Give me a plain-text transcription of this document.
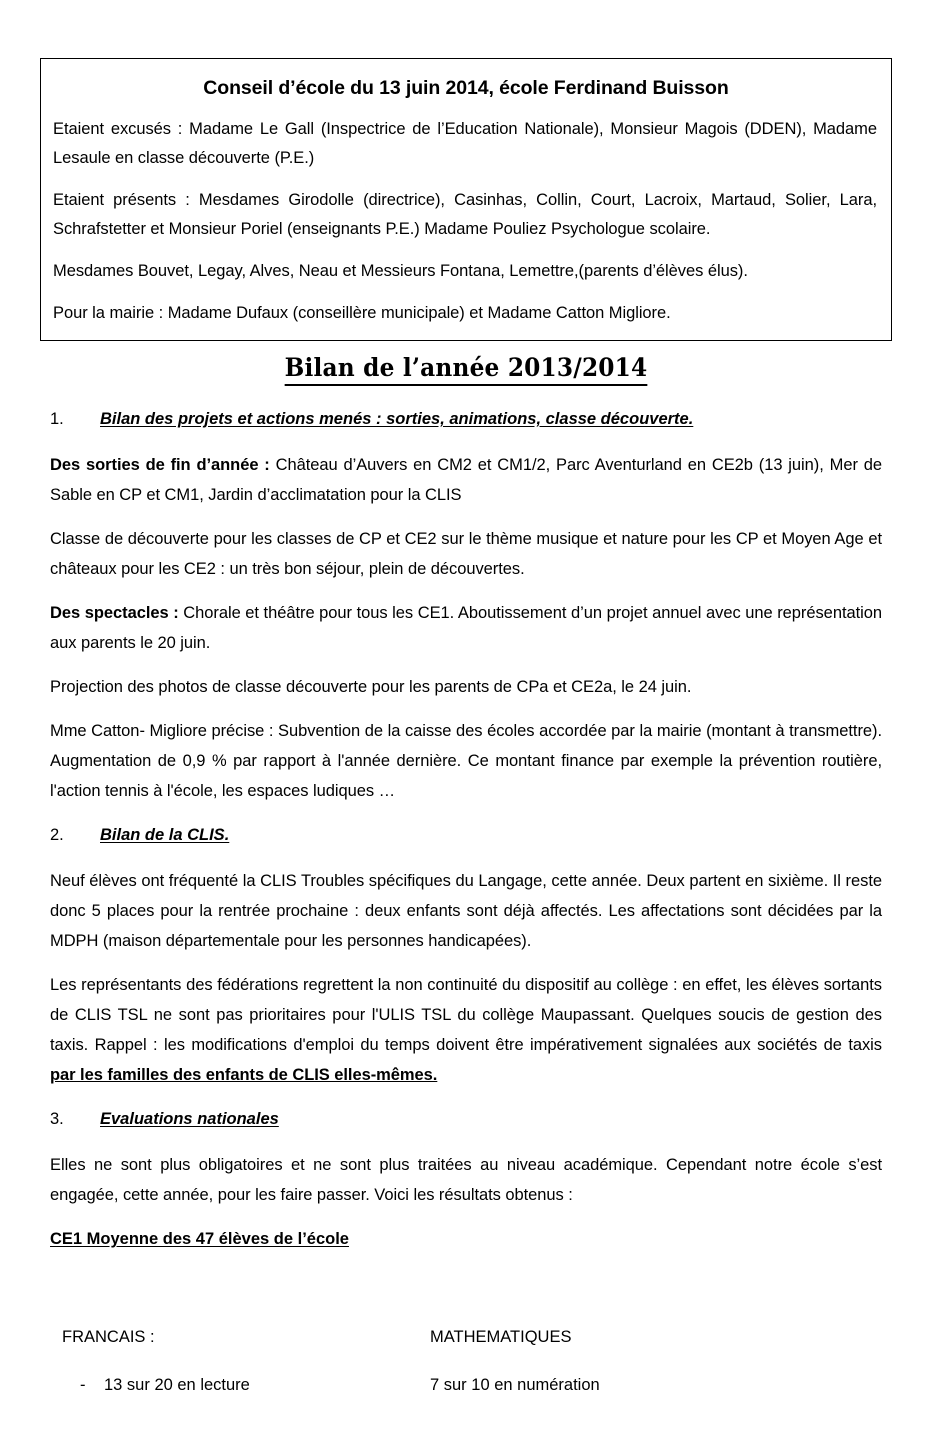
Conseil d’école du 13 juin 2014, école Ferdinand Buisson

Etaient excusés : Madame Le Gall (Inspectrice de l’Education Nationale), Monsieur Magois (DDEN), Madame Lesaule en classe découverte (P.E.)

Etaient présents : Mesdames Girodolle (directrice), Casinhas, Collin, Court, Lacroix, Martaud, Solier, Lara, Schrafstetter et Monsieur Poriel (enseignants P.E.) Madame Pouliez Psychologue scolaire.

Mesdames Bouvet, Legay, Alves, Neau et Messieurs Fontana, Lemettre,(parents d’élèves élus).

Pour la mairie : Madame Dufaux (conseillère municipale) et Madame Catton Migliore.

Bilan de l’année 2013/2014
1.	Bilan des projets et actions menés : sorties, animations, classe découverte.

Des sorties de fin d’année : Château d’Auvers en CM2 et CM1/2, Parc Aventurland en CE2b (13 juin), Mer de Sable en CP et CM1, Jardin d’acclimatation pour la CLIS

Classe de découverte pour les classes de CP et CE2 sur le thème musique et nature pour les CP et Moyen Age et châteaux pour les CE2 : un très bon séjour, plein de découvertes.

Des spectacles : Chorale et théâtre pour tous les CE1. Aboutissement d’un projet annuel avec une représentation aux parents le 20 juin.

Projection des photos de classe découverte pour les parents de CPa et CE2a, le 24 juin.

Mme Catton- Migliore précise : Subvention de la caisse des écoles accordée par la mairie (montant à transmettre). Augmentation de 0,9 % par rapport à l'année dernière. Ce montant finance par exemple la prévention routière, l'action tennis à l'école, les espaces ludiques …

2.	Bilan de la CLIS.

Neuf élèves ont fréquenté la CLIS Troubles spécifiques du Langage, cette année. Deux partent en sixième. Il reste donc 5 places pour la rentrée prochaine : deux enfants sont déjà affectés. Les affectations sont décidées par la MDPH (maison départementale pour les personnes handicapées).

Les représentants des fédérations regrettent la non continuité du dispositif au collège : en effet, les élèves sortants de CLIS TSL ne sont pas prioritaires pour l'ULIS TSL du collège Maupassant. Quelques soucis de gestion des taxis. Rappel : les modifications d'emploi du temps doivent être impérativement signalées aux sociétés de taxis par les familles des enfants de CLIS elles-mêmes.

3.	Evaluations nationales

Elles ne sont plus obligatoires et ne sont plus traitées au niveau académique. Cependant notre école s’est engagée, cette année, pour les faire passer. Voici les résultats obtenus :

CE1 Moyenne des 47 élèves de l’école
FRANCAIS :	MATHEMATIQUES
-	13 sur 20 en lecture	7 sur 10 en numération
